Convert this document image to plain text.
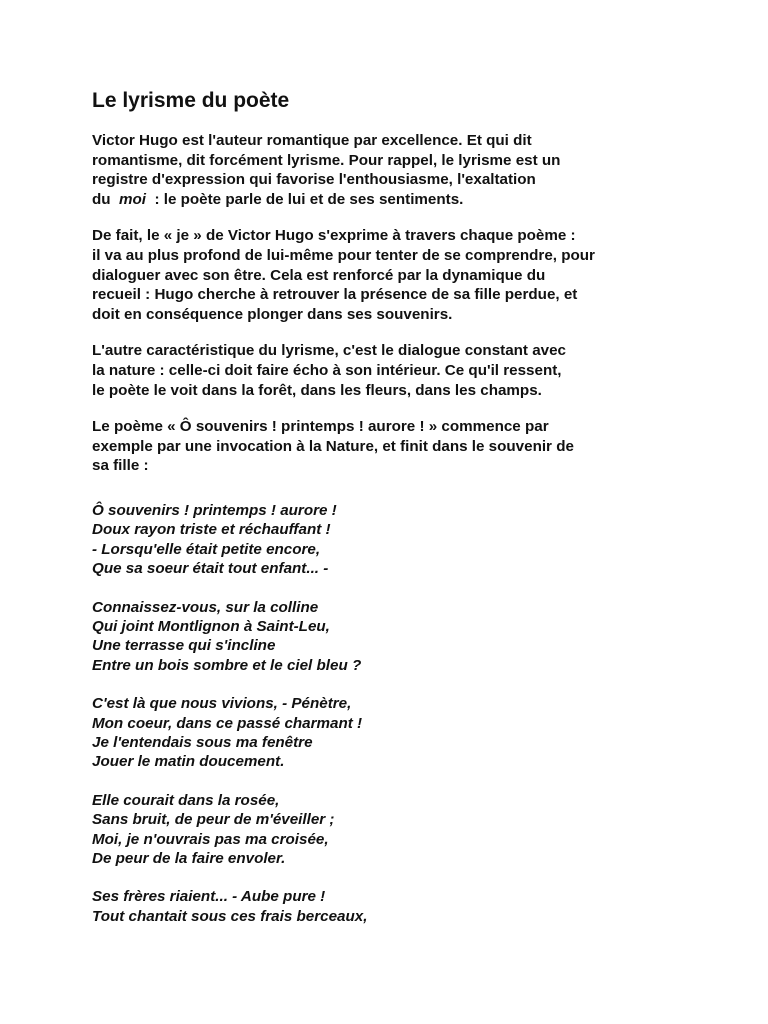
Le lyrisme du poète
Victor Hugo est l'auteur romantique par excellence. Et qui dit
romantisme, dit forcément lyrisme. Pour rappel, le lyrisme est un
registre d'expression qui favorise l'enthousiasme, l'exaltation
du  moi  : le poète parle de lui et de ses sentiments.
De fait, le « je » de Victor Hugo s'exprime à travers chaque poème :
il va au plus profond de lui-même pour tenter de se comprendre, pour
dialoguer avec son être. Cela est renforcé par la dynamique du
recueil : Hugo cherche à retrouver la présence de sa fille perdue, et
doit en conséquence plonger dans ses souvenirs.
L'autre caractéristique du lyrisme, c'est le dialogue constant avec
la nature : celle-ci doit faire écho à son intérieur. Ce qu'il ressent,
le poète le voit dans la forêt, dans les fleurs, dans les champs.
Le poème « Ô souvenirs ! printemps ! aurore ! » commence par
exemple par une invocation à la Nature, et finit dans le souvenir de
sa fille :
Ô souvenirs ! printemps ! aurore !
Doux rayon triste et réchauffant !
- Lorsqu'elle était petite encore,
Que sa soeur était tout enfant... -
Connaissez-vous, sur la colline
Qui joint Montlignon à Saint-Leu,
Une terrasse qui s'incline
Entre un bois sombre et le ciel bleu ?
C'est là que nous vivions, - Pénètre,
Mon coeur, dans ce passé charmant !
Je l'entendais sous ma fenêtre
Jouer le matin doucement.
Elle courait dans la rosée,
Sans bruit, de peur de m'éveiller ;
Moi, je n'ouvrais pas ma croisée,
De peur de la faire envoler.
Ses frères riaient... - Aube pure !
Tout chantait sous ces frais berceaux,
